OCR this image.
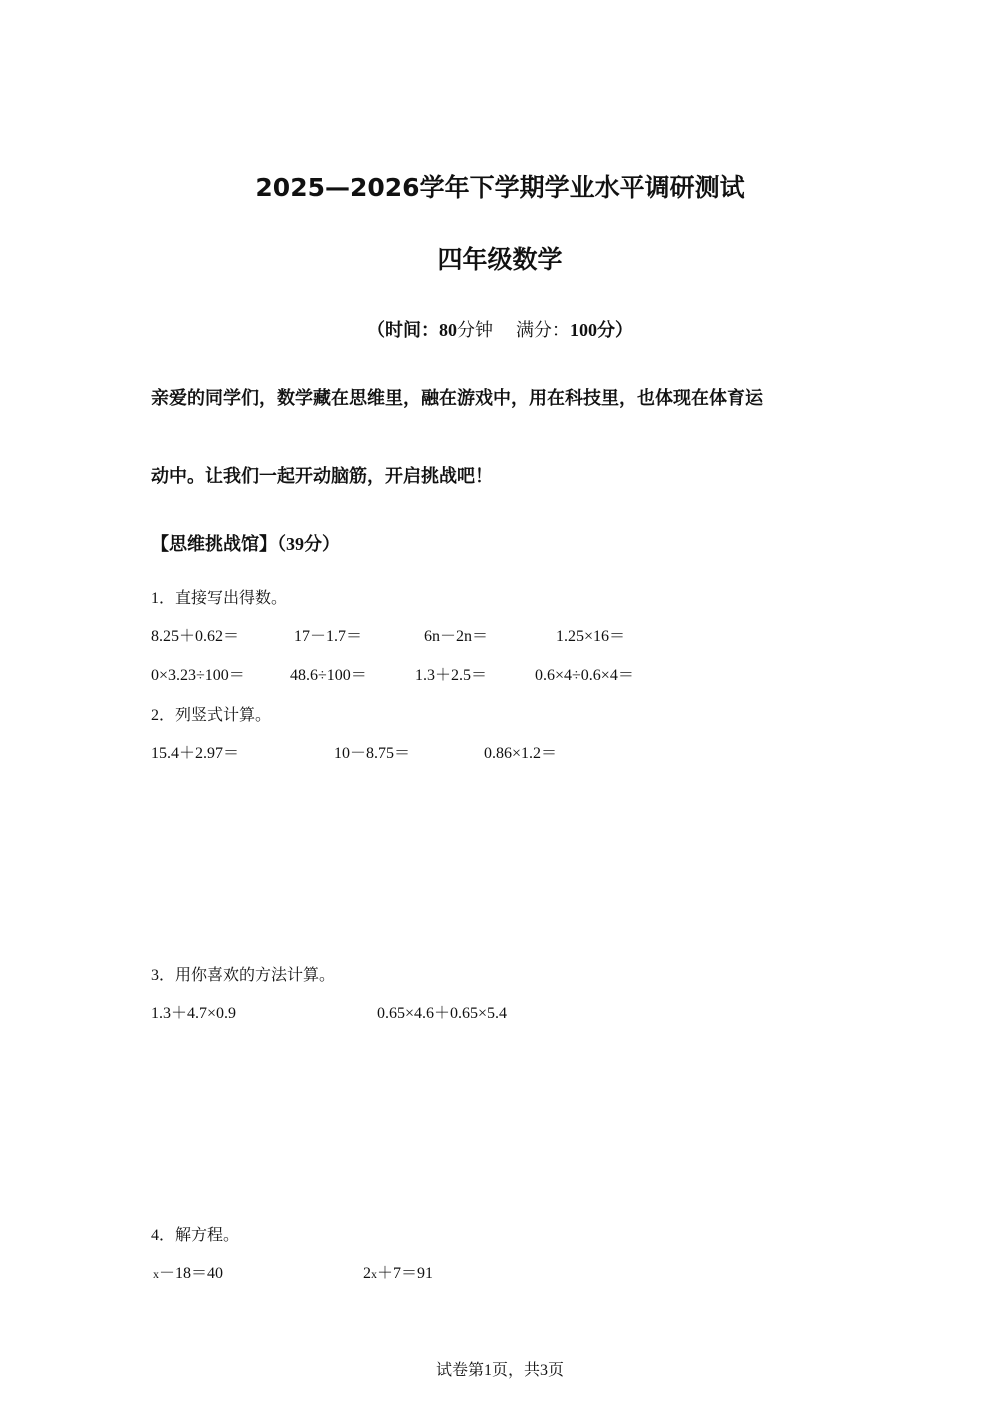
2025—2026学年下学期学业水平调研测试
四年级数学
（时间：80分钟 满分：100分）
亲爱的同学们，数学藏在思维里，融在游戏中，用在科技里，也体现在体育运
动中。让我们一起开动脑筋，开启挑战吧！
【思维挑战馆】（39分）
1．直接写出得数。
8.25＋0.62＝	17－1.7＝	6n－2n＝	1.25×16＝
0×3.23÷100＝	48.6÷100＝	1.3＋2.5＝	0.6×4÷0.6×4＝
2．列竖式计算。
15.4＋2.97＝	10－8.75＝	0.86×1.2＝
3．用你喜欢的方法计算。
1.3＋4.7×0.9	0.65×4.6＋0.65×5.4
4．解方程。
x－18＝40	2x＋7＝91
试卷第1页，共3页
